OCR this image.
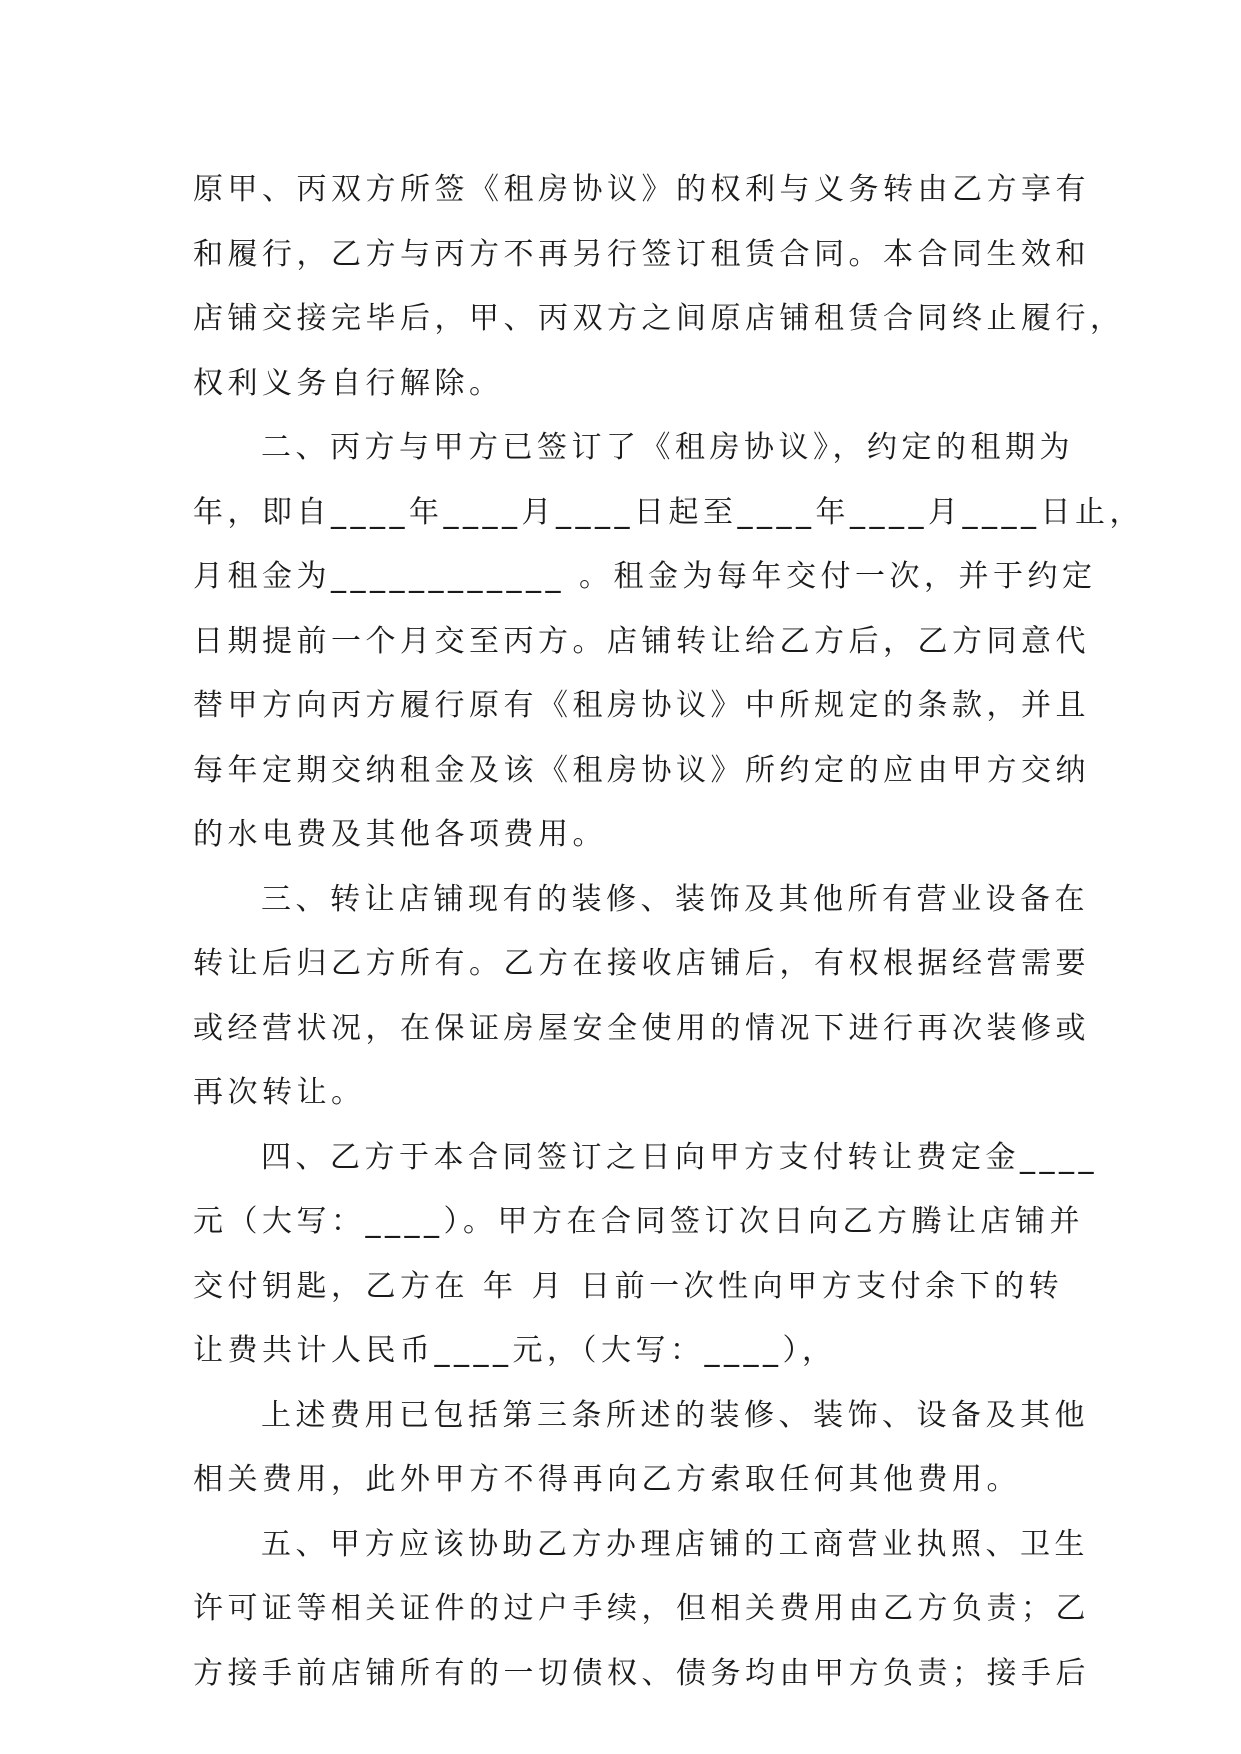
原甲、丙双方所签《租房协议》的权利与义务转由乙方享有
和履行，乙方与丙方不再另行签订租赁合同。本合同生效和
店铺交接完毕后，甲、丙双方之间原店铺租赁合同终止履行，
权利义务自行解除。
二、丙方与甲方已签订了《租房协议》，约定的租期为
年，即自____年____月____日起至____年____月____日止，
月租金为____________ 。租金为每年交付一次，并于约定
日期提前一个月交至丙方。店铺转让给乙方后，乙方同意代
替甲方向丙方履行原有《租房协议》中所规定的条款，并且
每年定期交纳租金及该《租房协议》所约定的应由甲方交纳
的水电费及其他各项费用。
三、转让店铺现有的装修、装饰及其他所有营业设备在
转让后归乙方所有。乙方在接收店铺后，有权根据经营需要
或经营状况，在保证房屋安全使用的情况下进行再次装修或
再次转让。
四、乙方于本合同签订之日向甲方支付转让费定金____
元（大写：____）。甲方在合同签订次日向乙方腾让店铺并
交付钥匙，乙方在 年 月 日前一次性向甲方支付余下的转
让费共计人民币____元，（大写：____），
上述费用已包括第三条所述的装修、装饰、设备及其他
相关费用，此外甲方不得再向乙方索取任何其他费用。
五、甲方应该协助乙方办理店铺的工商营业执照、卫生
许可证等相关证件的过户手续，但相关费用由乙方负责；乙
方接手前店铺所有的一切债权、债务均由甲方负责；接手后
